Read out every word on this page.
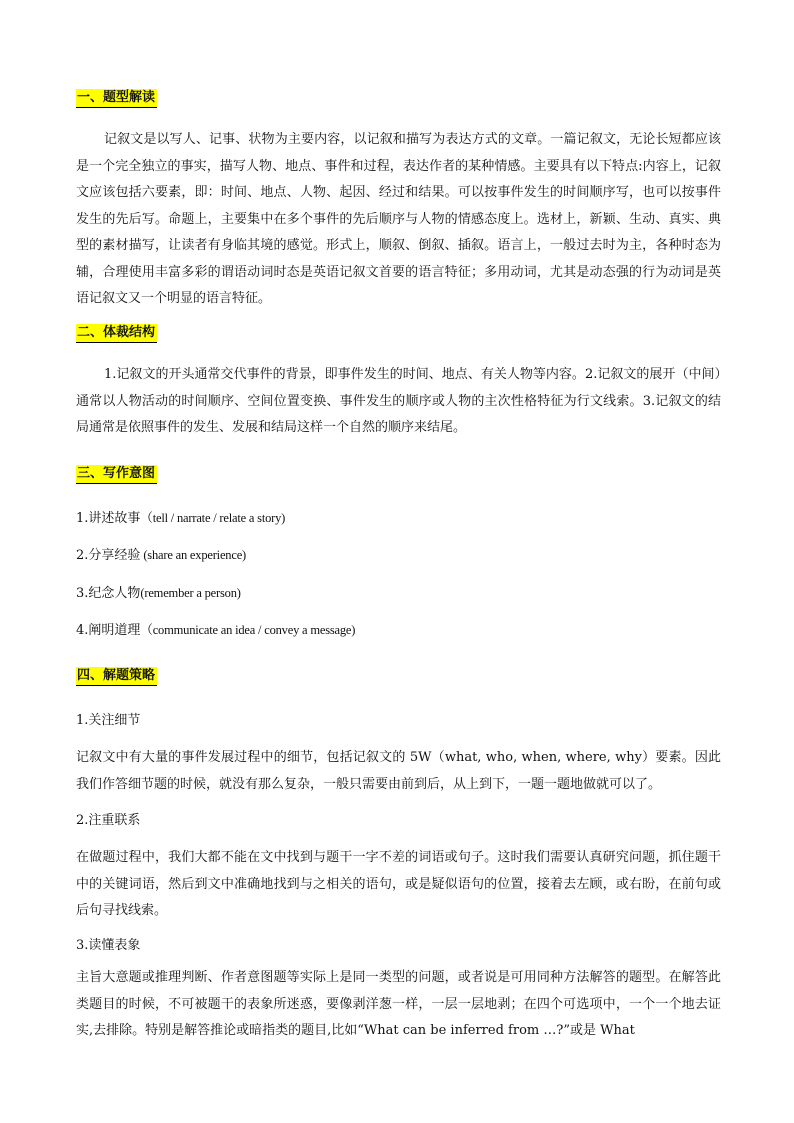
一、题型解读

记叙文是以写人、记事、状物为主要内容，以记叙和描写为表达方式的文章。一篇记叙文，无论长短都应该是一个完全独立的事实，描写人物、地点、事件和过程，表达作者的某种情感。主要具有以下特点:内容上，记叙文应该包括六要素，即：时间、地点、人物、起因、经过和结果。可以按事件发生的时间顺序写，也可以按事件发生的先后写。命题上，主要集中在多个事件的先后顺序与人物的情感态度上。选材上，新颖、生动、真实、典型的素材描写，让读者有身临其境的感觉。形式上，顺叙、倒叙、插叙。语言上，一般过去时为主，各种时态为辅，合理使用丰富多彩的谓语动词时态是英语记叙文首要的语言特征；多用动词，尤其是动态强的行为动词是英语记叙文又一个明显的语言特征。

二、体裁结构

1.记叙文的开头通常交代事件的背景，即事件发生的时间、地点、有关人物等内容。2.记叙文的展开（中间）通常以人物活动的时间顺序、空间位置变换、事件发生的顺序或人物的主次性格特征为行文线索。3.记叙文的结局通常是依照事件的发生、发展和结局这样一个自然的顺序来结尾。

三、写作意图
1.讲述故事（tell / narrate / relate a story)
2.分享经验 (share an experience)
3.纪念人物(remember a person)
4.阐明道理（communicate an idea / convey a message)
四、解题策略
1.关注细节

记叙文中有大量的事件发展过程中的细节，包括记叙文的 5W（what, who, when, where, why）要素。因此我们作答细节题的时候，就没有那么复杂，一般只需要由前到后，从上到下，一题一题地做就可以了。

2.注重联系

在做题过程中，我们大都不能在文中找到与题干一字不差的词语或句子。这时我们需要认真研究问题，抓住题干中的关键词语，然后到文中准确地找到与之相关的语句，或是疑似语句的位置，接着去左顾，或右盼，在前句或后句寻找线索。

3.读懂表象

主旨大意题或推理判断、作者意图题等实际上是同一类型的问题，或者说是可用同种方法解答的题型。在解答此类题目的时候，不可被题干的表象所迷惑，要像剥洋葱一样，一层一层地剥；在四个可选项中，一个一个地去证实,去排除。特别是解答推论或暗指类的题目,比如“What can be inferred from …?”或是 What
